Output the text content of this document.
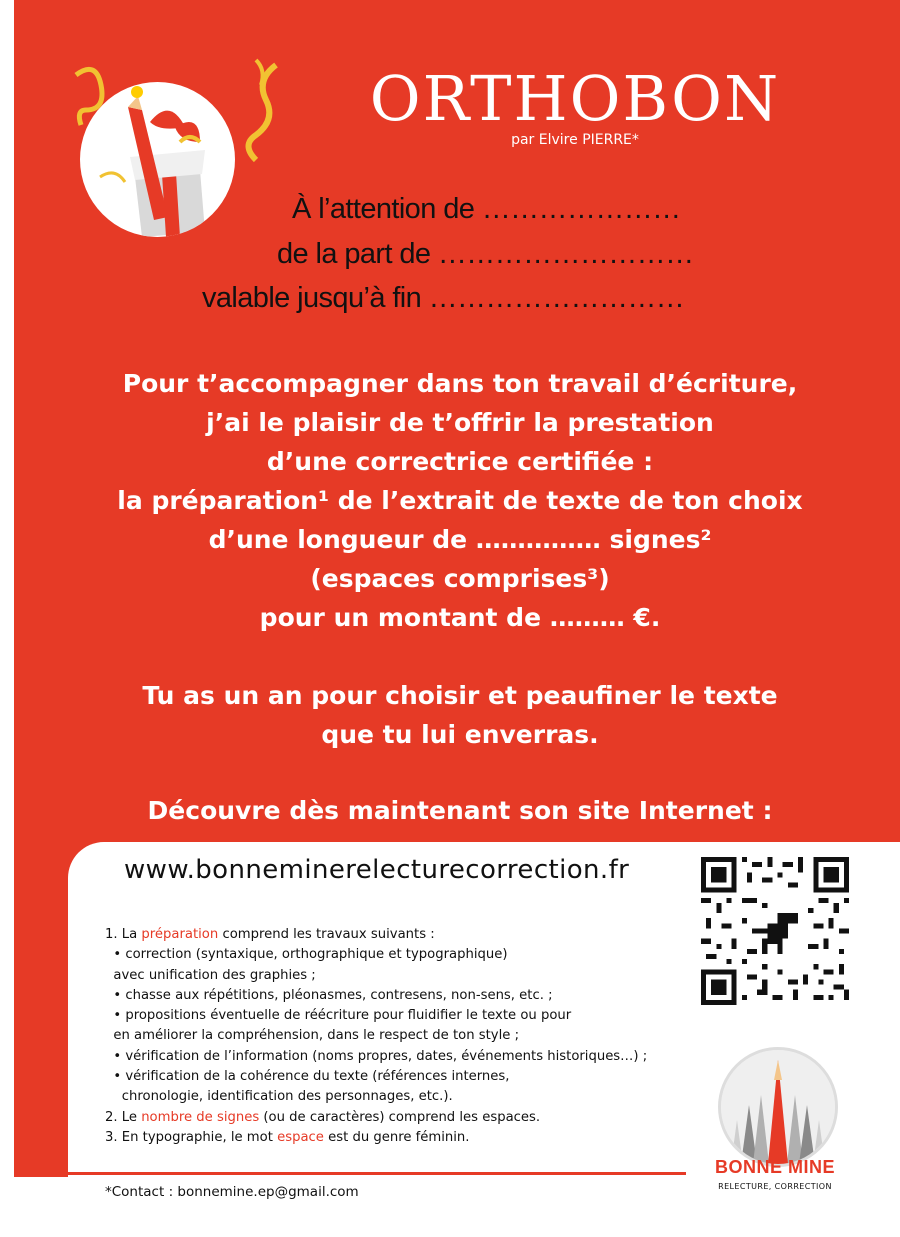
ORTHOBON
par Elvire PIERRE*
À l’attention de …………………
de la part de ………………………
valable jusqu’à fin ………………………
Pour t’accompagner dans ton travail d’écriture,
j’ai le plaisir de t’offrir la prestation
d’une correctrice certifiée :
la préparation¹ de l’extrait de texte de ton choix
d’une longueur de …………… signes²
(espaces comprises³)
pour un montant de ……… €.
Tu as un an pour choisir et peaufiner le texte
que tu lui enverras.
Découvre dès maintenant son site Internet :
www.bonneminerelecturecorrection.fr
1. La préparation comprend les travaux suivants :
• correction (syntaxique, orthographique et typographique)
avec unification des graphies ;
• chasse aux répétitions, pléonasmes, contresens, non-sens, etc. ;
• propositions éventuelle de réécriture pour fluidifier le texte ou pour
en améliorer la compréhension, dans le respect de ton style ;
• vérification de l’information (noms propres, dates, événements historiques…) ;
• vérification de la cohérence du texte (références internes,
chronologie, identification des personnages, etc.).
2. Le nombre de signes (ou de caractères) comprend les espaces.
3. En typographie, le mot espace est du genre féminin.
BONNE MINE
RELECTURE, CORRECTION
*Contact : bonnemine.ep@gmail.com
